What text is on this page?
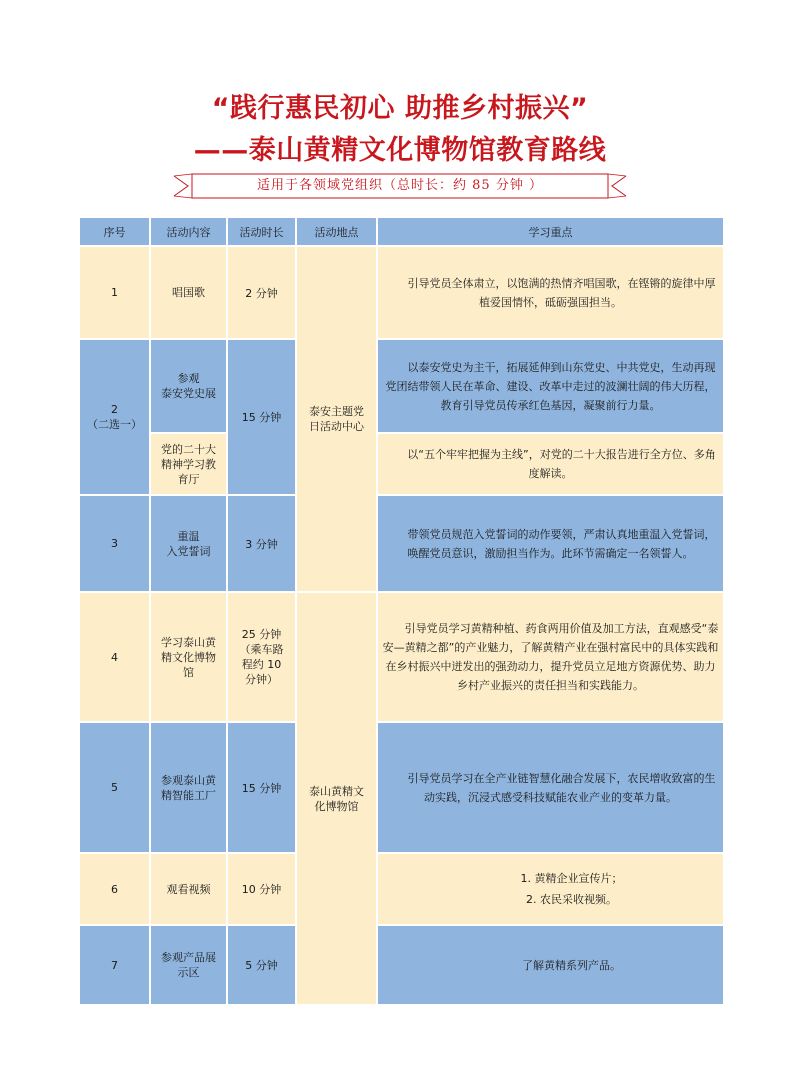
“践行惠民初心 助推乡村振兴”
——泰山黄精文化博物馆教育路线
适用于各领域党组织（总时长：约 85 分钟 ）
序号	活动内容	活动时长	活动地点	学习重点
1	唱国歌	2 分钟	泰安主题党
日活动中心	引导党员全体肃立，以饱满的热情齐唱国歌，在铿锵的旋律中厚植爱国情怀，砥砺强国担当。

2
（二选一）	参观
泰安党史展	15 分钟		以泰安党史为主干，拓展延伸到山东党史、中共党史，生动再现党团结带领人民在革命、建设、改革中走过的波澜壮阔的伟大历程，教育引导党员传承红色基因，凝聚前行力量。

	党的二十大
精神学习教
育厅			以“五个牢牢把握为主线”，对党的二十大报告进行全方位、多角度解读。

3	重温
入党誓词	3 分钟		带领党员规范入党誓词的动作要领，严肃认真地重温入党誓词，唤醒党员意识，激励担当作为。此环节需确定一名领誓人。

4	学习泰山黄
精文化博物
馆	25 分钟
（乘车路
程约 10
分钟）	泰山黄精文
化博物馆	引导党员学习黄精种植、药食两用价值及加工方法，直观感受“泰安—黄精之都”的产业魅力，了解黄精产业在强村富民中的具体实践和在乡村振兴中迸发出的强劲动力，提升党员立足地方资源优势、助力乡村产业振兴的责任担当和实践能力。

5	参观泰山黄
精智能工厂	15 分钟		引导党员学习在全产业链智慧化融合发展下，农民增收致富的生动实践，沉浸式感受科技赋能农业产业的变革力量。

6	观看视频	10 分钟		1. 黄精企业宣传片；
2. 农民采收视频。

7	参观产品展
示区	5 分钟		了解黄精系列产品。
